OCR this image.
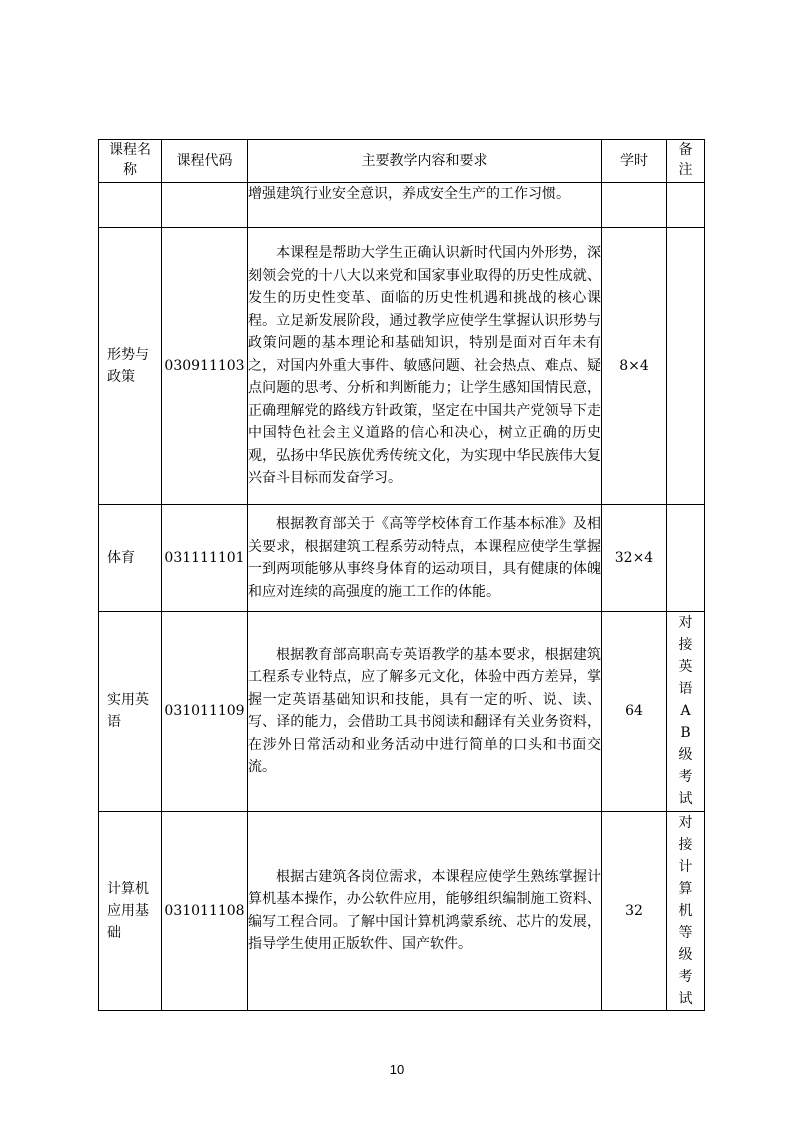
课程名称	课程代码	主要教学内容和要求	学时	备注

		增强建筑行业安全意识，养成安全生产的工作习惯。		

形势与政策	030911103	本课程是帮助大学生正确认识新时代国内外形势，深刻领会党的十八大以来党和国家事业取得的历史性成就、发生的历史性变革、面临的历史性机遇和挑战的核心课程。立足新发展阶段，通过教学应使学生掌握认识形势与政策问题的基本理论和基础知识，特别是面对百年未有之，对国内外重大事件、敏感问题、社会热点、难点、疑点问题的思考、分析和判断能力；让学生感知国情民意，正确理解党的路线方针政策，坚定在中国共产党领导下走中国特色社会主义道路的信心和决心，树立正确的历史观，弘扬中华民族优秀传统文化，为实现中华民族伟大复兴奋斗目标而发奋学习。	8×4	
体育	031111101	根据教育部关于《高等学校体育工作基本标准》及相关要求，根据建筑工程系劳动特点，本课程应使学生掌握一到两项能够从事终身体育的运动项目，具有健康的体魄和应对连续的高强度的施工工作的体能。	32×4	
实用英语	031011109	根据教育部高职高专英语教学的基本要求，根据建筑工程系专业特点，应了解多元文化，体验中西方差异，掌握一定英语基础知识和技能，具有一定的听、说、读、写、译的能力，会借助工具书阅读和翻译有关业务资料，在涉外日常活动和业务活动中进行简单的口头和书面交流。	64	对接英语AB级考试
计算机应用基础	031011108	根据古建筑各岗位需求，本课程应使学生熟练掌握计算机基本操作，办公软件应用，能够组织编制施工资料、编写工程合同。了解中国计算机鸿蒙系统、芯片的发展，指导学生使用正版软件、国产软件。	32	对接计算机等级考试
10
